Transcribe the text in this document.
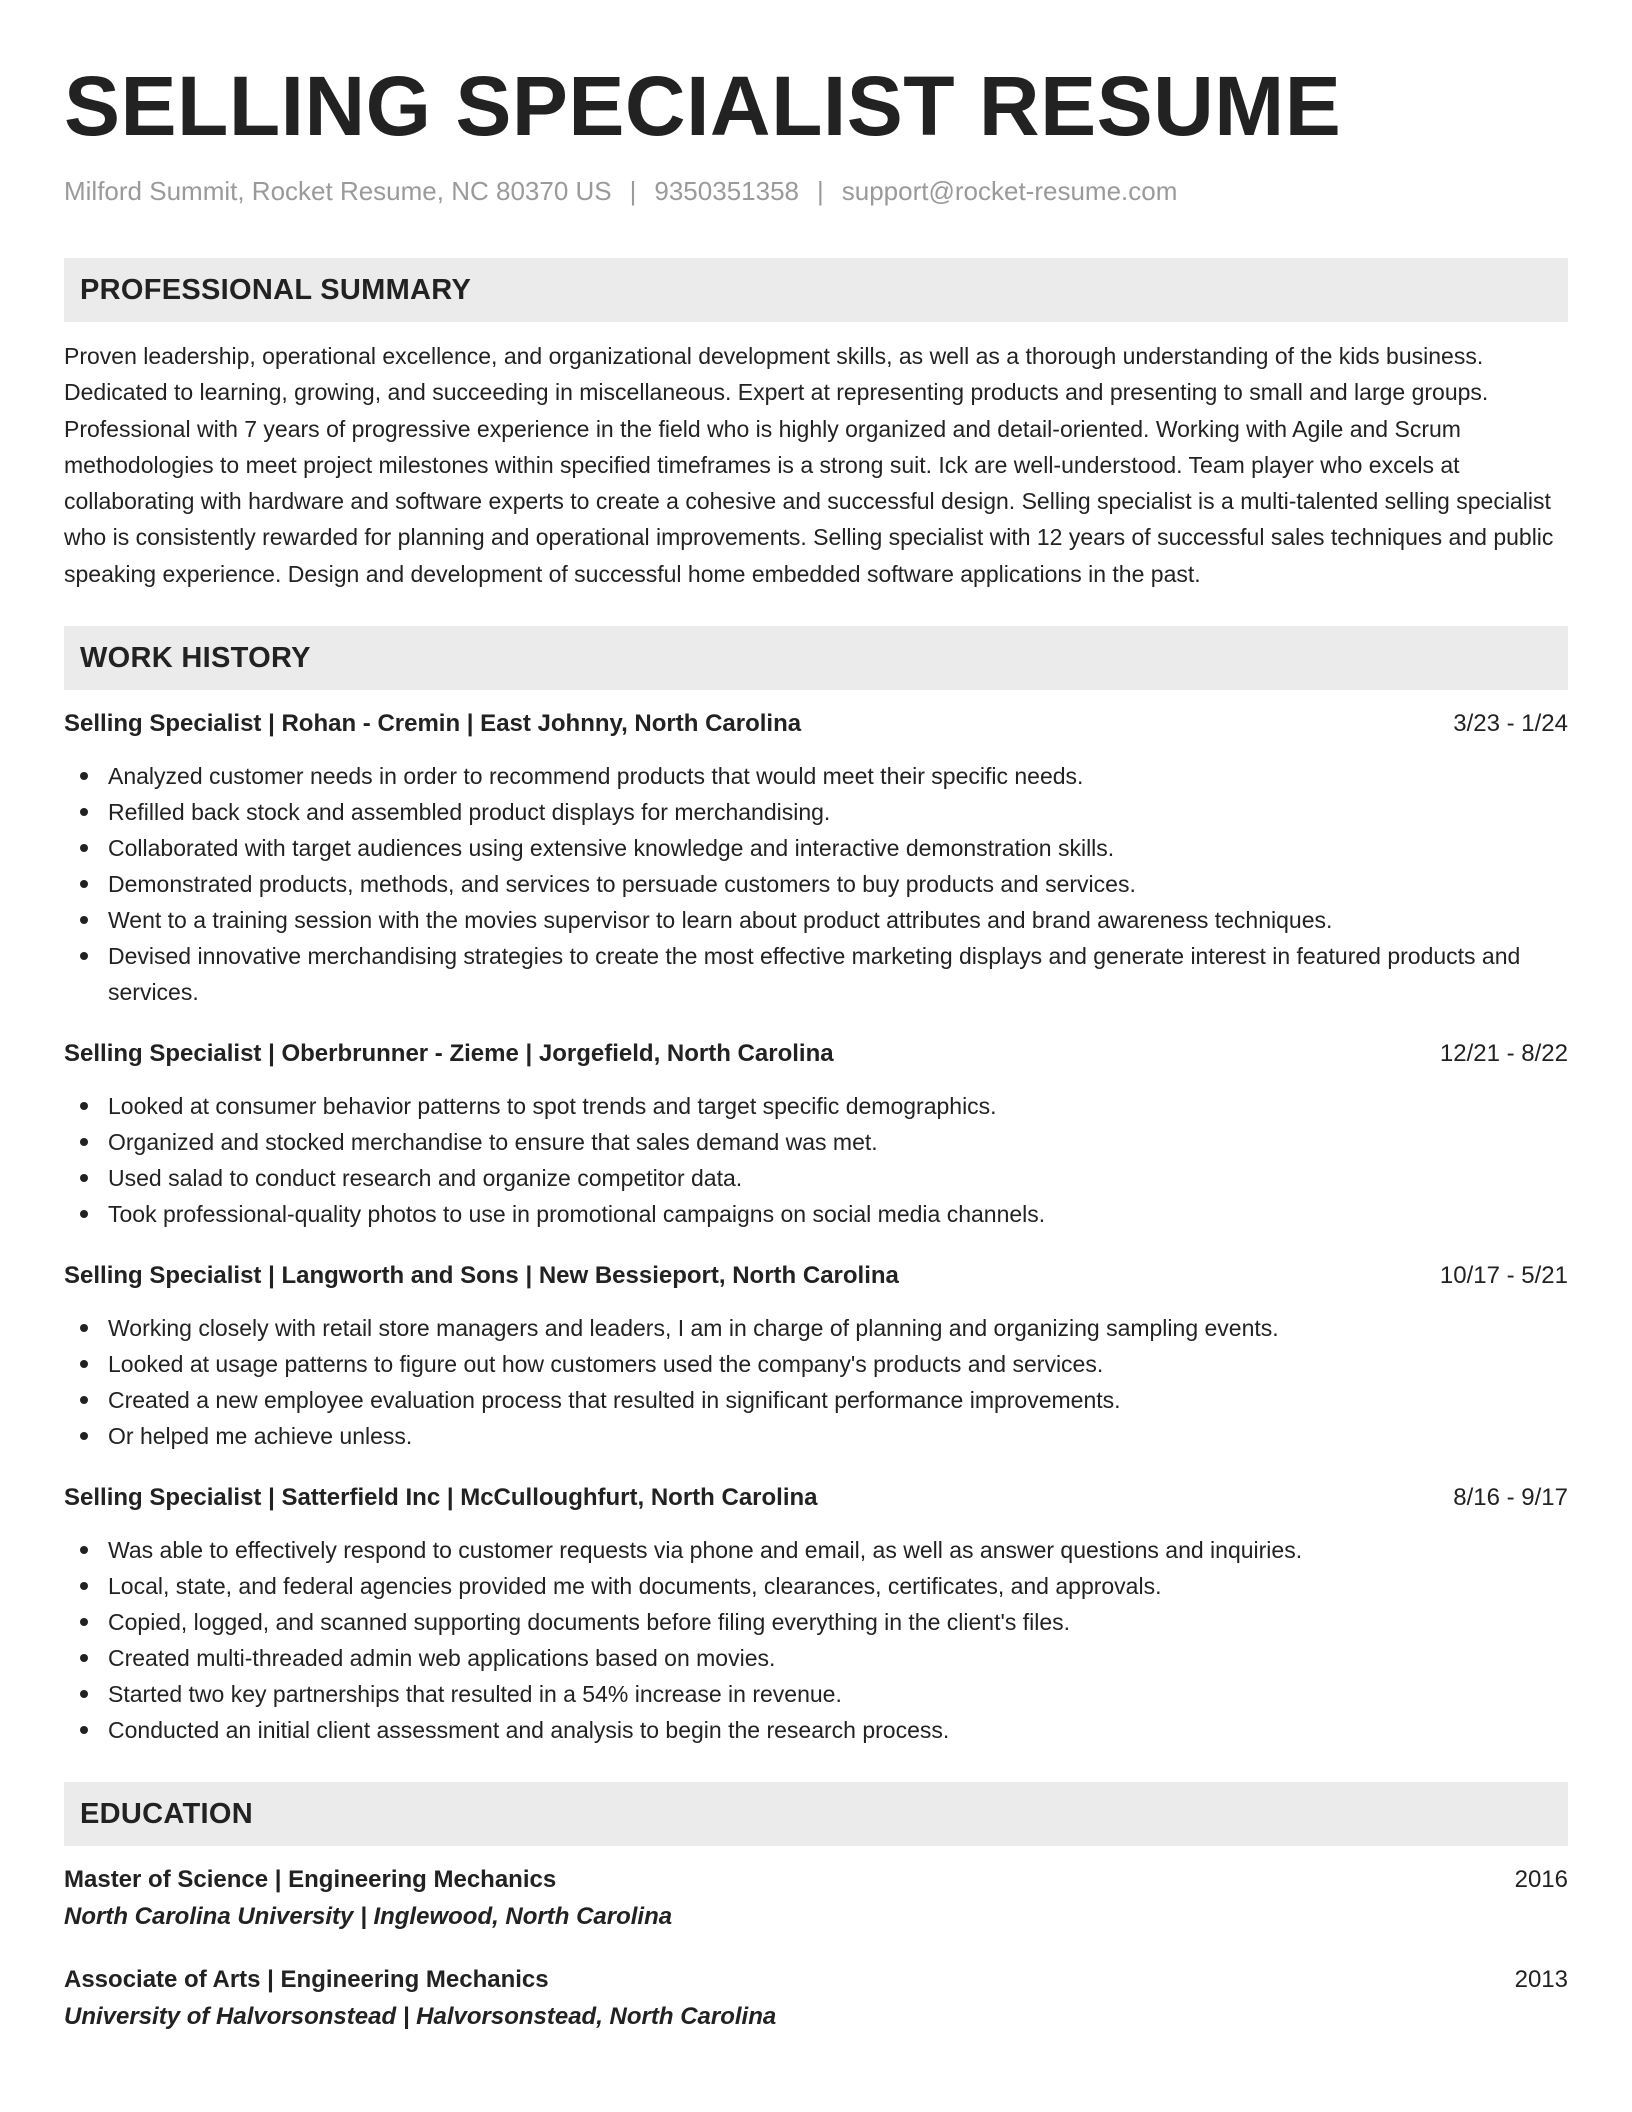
SELLING SPECIALIST RESUME
Milford Summit, Rocket Resume, NC 80370 US | 9350351358 | support@rocket-resume.com
PROFESSIONAL SUMMARY
Proven leadership, operational excellence, and organizational development skills, as well as a thorough understanding of the kids business. Dedicated to learning, growing, and succeeding in miscellaneous. Expert at representing products and presenting to small and large groups. Professional with 7 years of progressive experience in the field who is highly organized and detail-oriented. Working with Agile and Scrum methodologies to meet project milestones within specified timeframes is a strong suit. Ick are well-understood. Team player who excels at collaborating with hardware and software experts to create a cohesive and successful design. Selling specialist is a multi-talented selling specialist who is consistently rewarded for planning and operational improvements. Selling specialist with 12 years of successful sales techniques and public speaking experience. Design and development of successful home embedded software applications in the past.
WORK HISTORY
Selling Specialist | Rohan - Cremin | East Johnny, North Carolina	3/23 - 1/24
Analyzed customer needs in order to recommend products that would meet their specific needs.
Refilled back stock and assembled product displays for merchandising.
Collaborated with target audiences using extensive knowledge and interactive demonstration skills.
Demonstrated products, methods, and services to persuade customers to buy products and services.
Went to a training session with the movies supervisor to learn about product attributes and brand awareness techniques.
Devised innovative merchandising strategies to create the most effective marketing displays and generate interest in featured products and services.
Selling Specialist | Oberbrunner - Zieme | Jorgefield, North Carolina	12/21 - 8/22
Looked at consumer behavior patterns to spot trends and target specific demographics.
Organized and stocked merchandise to ensure that sales demand was met.
Used salad to conduct research and organize competitor data.
Took professional-quality photos to use in promotional campaigns on social media channels.
Selling Specialist | Langworth and Sons | New Bessieport, North Carolina	10/17 - 5/21
Working closely with retail store managers and leaders, I am in charge of planning and organizing sampling events.
Looked at usage patterns to figure out how customers used the company's products and services.
Created a new employee evaluation process that resulted in significant performance improvements.
Or helped me achieve unless.
Selling Specialist | Satterfield Inc | McCulloughfurt, North Carolina	8/16 - 9/17
Was able to effectively respond to customer requests via phone and email, as well as answer questions and inquiries.
Local, state, and federal agencies provided me with documents, clearances, certificates, and approvals.
Copied, logged, and scanned supporting documents before filing everything in the client's files.
Created multi-threaded admin web applications based on movies.
Started two key partnerships that resulted in a 54% increase in revenue.
Conducted an initial client assessment and analysis to begin the research process.
EDUCATION
Master of Science | Engineering Mechanics	2016
North Carolina University | Inglewood, North Carolina
Associate of Arts | Engineering Mechanics	2013
University of Halvorsonstead | Halvorsonstead, North Carolina
